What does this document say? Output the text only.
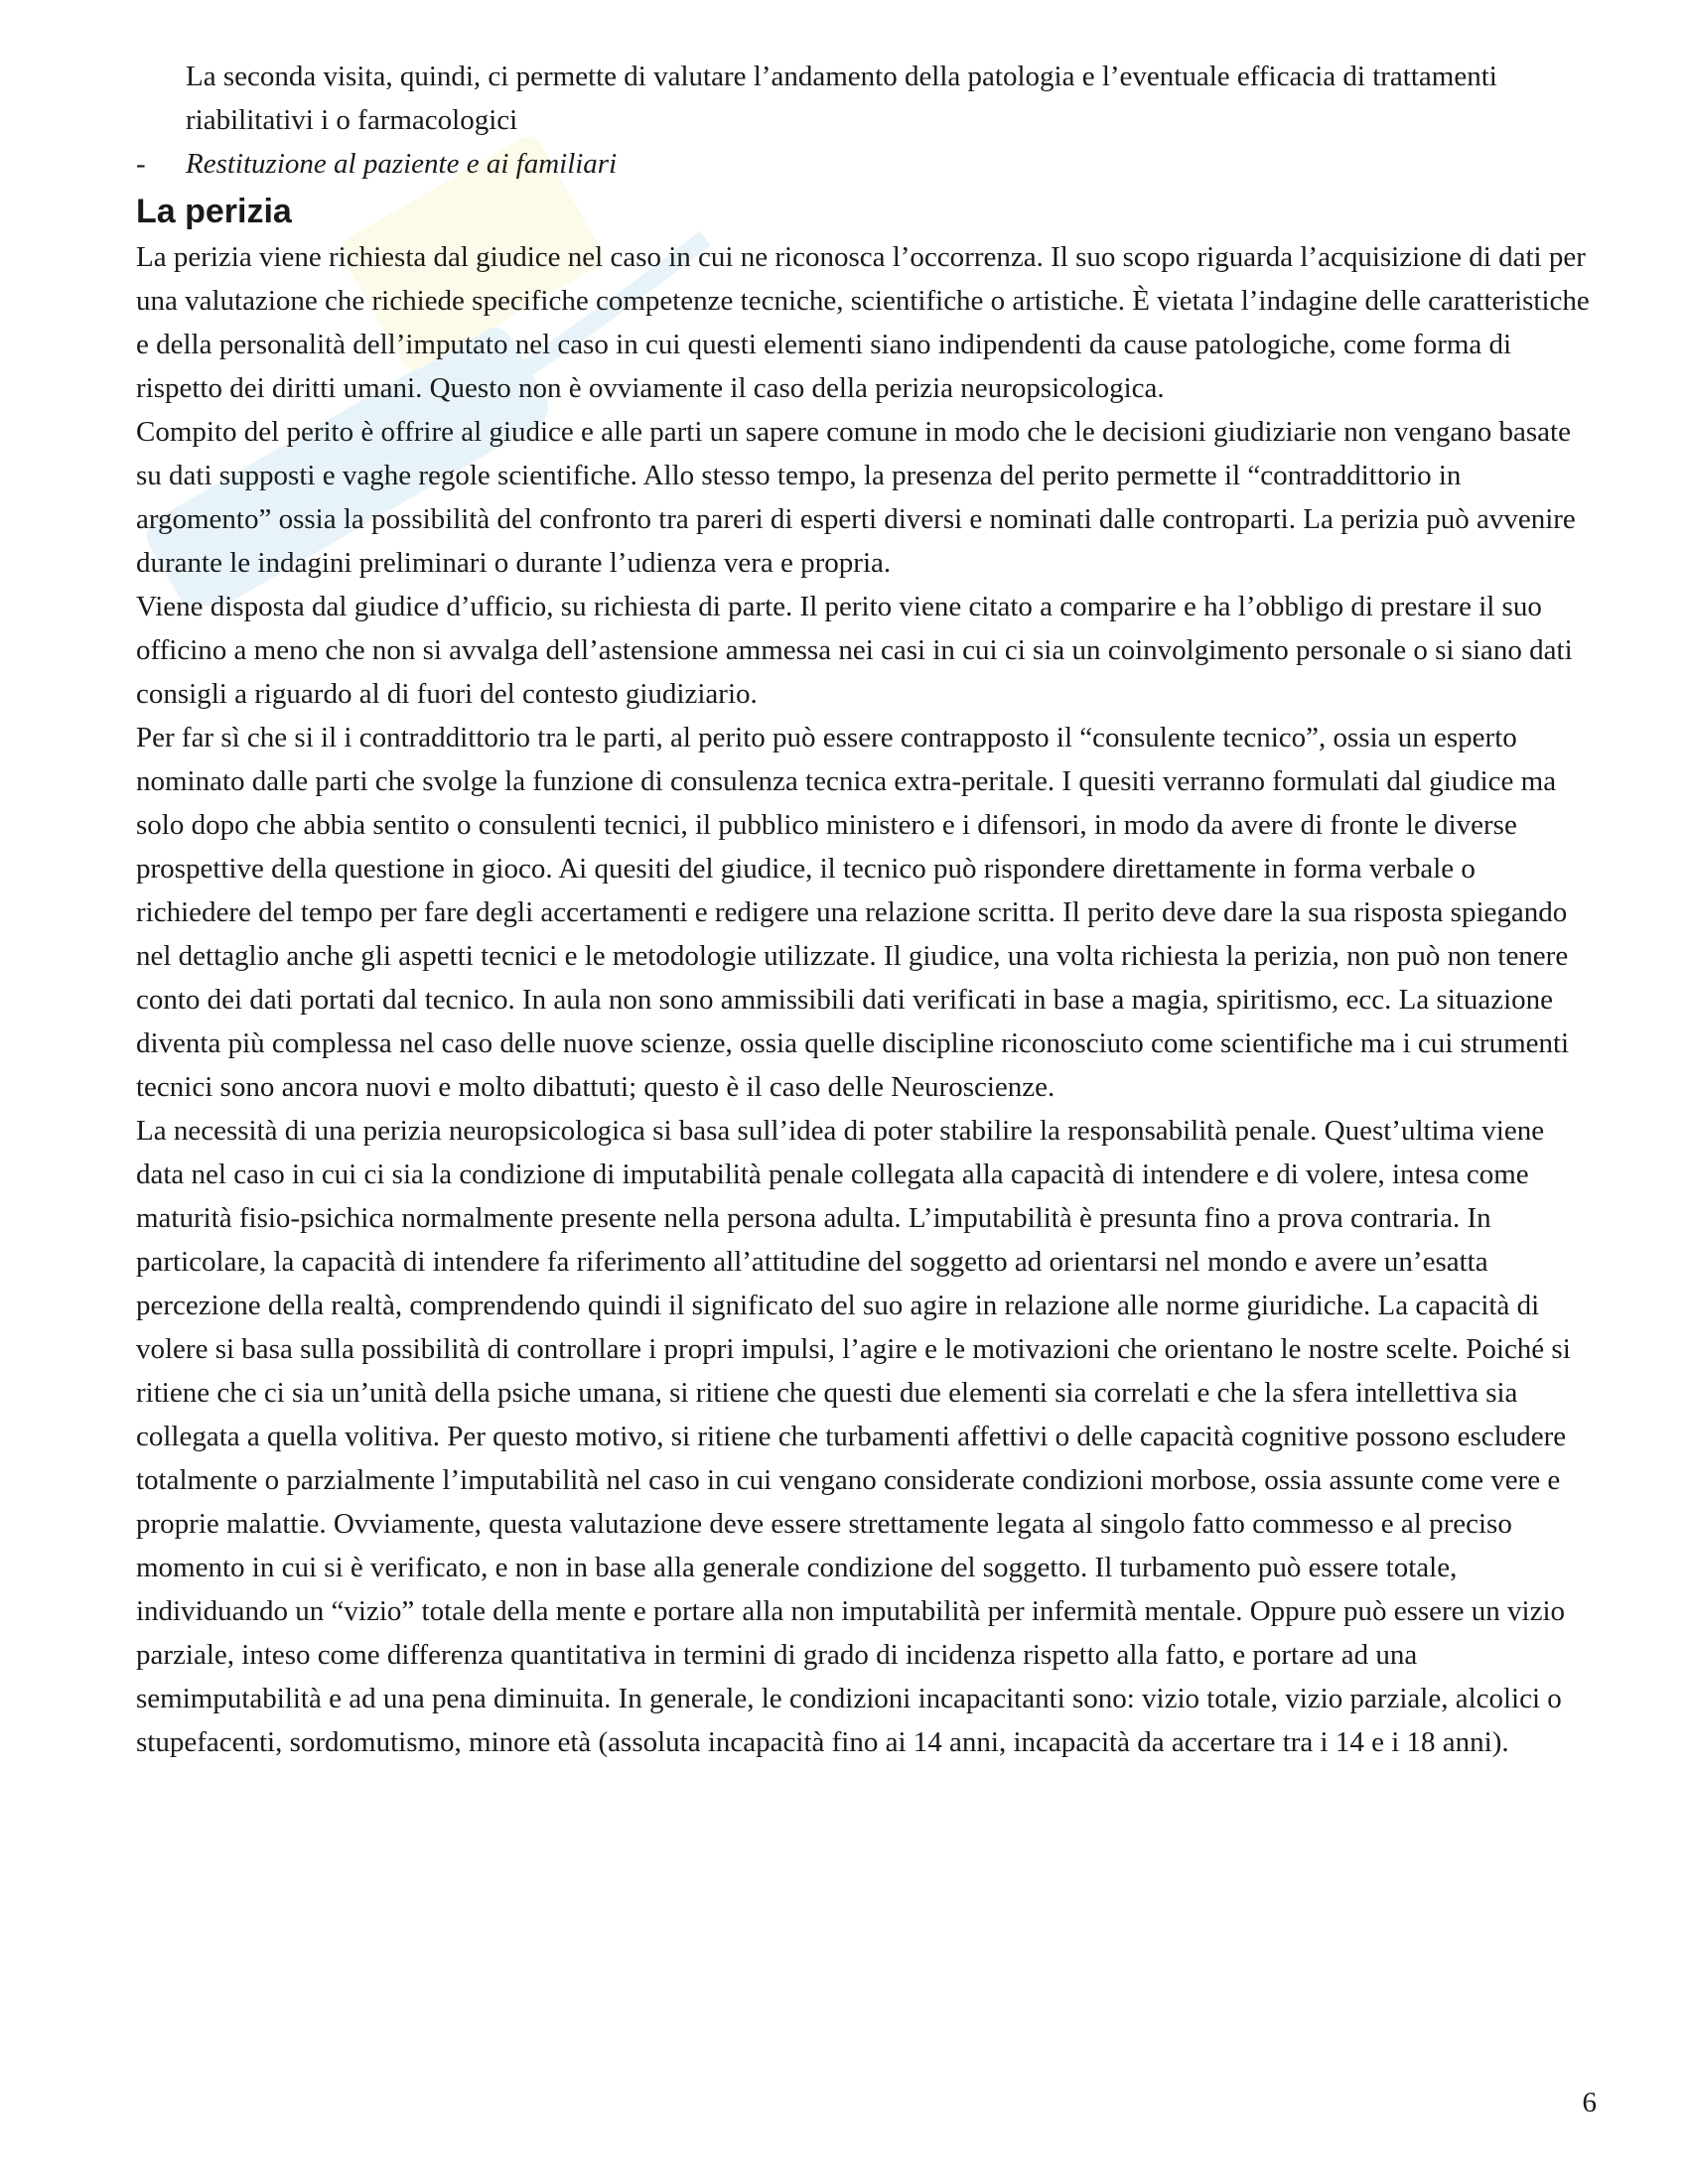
La seconda visita, quindi, ci permette di valutare l’andamento della patologia e l’eventuale efficacia di trattamenti riabilitativi i o farmacologici
-	Restituzione al paziente e ai familiari
La perizia

La perizia viene richiesta dal giudice nel caso in cui ne riconosca l’occorrenza. Il suo scopo riguarda l’acquisizione di dati per una valutazione che richiede specifiche competenze tecniche, scientifiche o artistiche. È vietata l’indagine delle caratteristiche e della personalità dell’imputato nel caso in cui questi elementi siano indipendenti da cause patologiche, come forma di rispetto dei diritti umani. Questo non è ovviamente il caso della perizia neuropsicologica.

Compito del perito è offrire al giudice e alle parti un sapere comune in modo che le decisioni giudiziarie non vengano basate su dati supposti e vaghe regole scientifiche. Allo stesso tempo, la presenza del perito permette il “contraddittorio in argomento” ossia la possibilità del confronto tra pareri di esperti diversi e nominati dalle controparti. La perizia può avvenire durante le indagini preliminari o durante l’udienza vera e propria.

Viene disposta dal giudice d’ufficio, su richiesta di parte. Il perito viene citato a comparire e ha l’obbligo di prestare il suo officino a meno che non si avvalga dell’astensione ammessa nei casi in cui ci sia un coinvolgimento personale o si siano dati consigli a riguardo al di fuori del contesto giudiziario.

Per far sì che si il i contraddittorio tra le parti, al perito può essere contrapposto il “consulente tecnico”, ossia un esperto nominato dalle parti che svolge la funzione di consulenza tecnica extra-peritale. I quesiti verranno formulati dal giudice ma solo dopo che abbia sentito o consulenti tecnici, il pubblico ministero e i difensori, in modo da avere di fronte le diverse prospettive della questione in gioco. Ai quesiti del giudice, il tecnico può rispondere direttamente in forma verbale o richiedere del tempo per fare degli accertamenti e redigere una relazione scritta. Il perito deve dare la sua risposta spiegando nel dettaglio anche gli aspetti tecnici e le metodologie utilizzate. Il giudice, una volta richiesta la perizia, non può non tenere conto dei dati portati dal tecnico. In aula non sono ammissibili dati verificati in base a magia, spiritismo, ecc. La situazione diventa più complessa nel caso delle nuove scienze, ossia quelle discipline riconosciuto come scientifiche ma i cui strumenti tecnici sono ancora nuovi e molto dibattuti; questo è il caso delle Neuroscienze.

La necessità di una perizia neuropsicologica si basa sull’idea di poter stabilire la responsabilità penale. Quest’ultima viene data nel caso in cui ci sia la condizione di imputabilità penale collegata alla capacità di intendere e di volere, intesa come maturità fisio-psichica normalmente presente nella persona adulta. L’imputabilità è presunta fino a prova contraria. In particolare, la capacità di intendere fa riferimento all’attitudine del soggetto ad orientarsi nel mondo e avere un’esatta percezione della realtà, comprendendo quindi il significato del suo agire in relazione alle norme giuridiche. La capacità di volere si basa sulla possibilità di controllare i propri impulsi, l’agire e le motivazioni che orientano le nostre scelte. Poiché si ritiene che ci sia un’unità della psiche umana, si ritiene che questi due elementi sia correlati e che la sfera intellettiva sia collegata a quella volitiva. Per questo motivo, si ritiene che turbamenti affettivi o delle capacità cognitive possono escludere totalmente o parzialmente l’imputabilità nel caso in cui vengano considerate condizioni morbose, ossia assunte come vere e proprie malattie. Ovviamente, questa valutazione deve essere strettamente legata al singolo fatto commesso e al preciso momento in cui si è verificato, e non in base alla generale condizione del soggetto. Il turbamento può essere totale, individuando un “vizio” totale della mente e portare alla non imputabilità per infermità mentale. Oppure può essere un vizio parziale, inteso come differenza quantitativa in termini di grado di incidenza rispetto alla fatto, e portare ad una semimputabilità e ad una pena diminuita. In generale, le condizioni incapacitanti sono: vizio totale, vizio parziale, alcolici o stupefacenti, sordomutismo, minore età (assoluta incapacità fino ai 14 anni, incapacità da accertare tra i 14 e i 18 anni).

6
